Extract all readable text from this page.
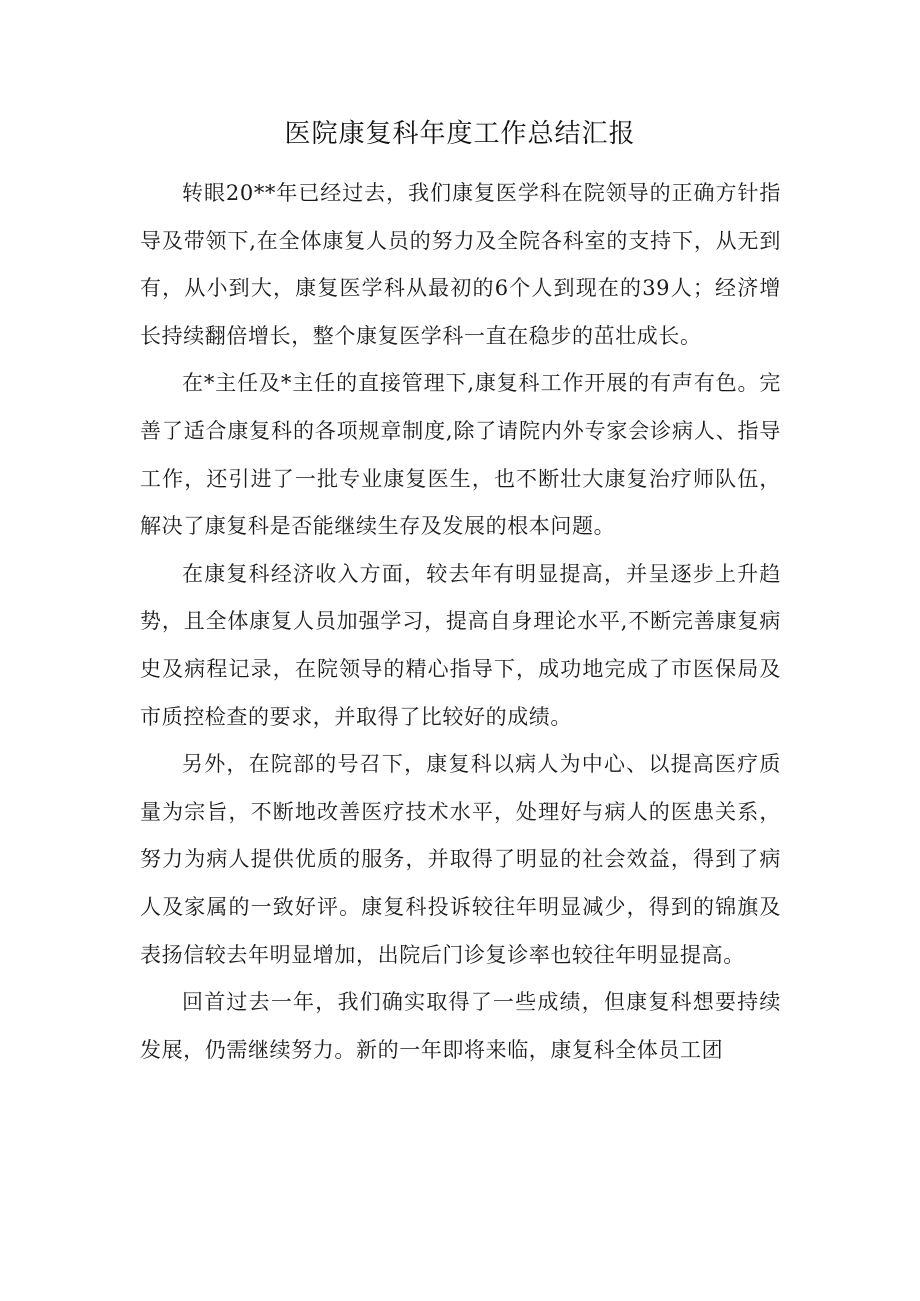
医院康复科年度工作总结汇报

转眼20**年已经过去，我们康复医学科在院领导的正确方针指导及带领下,在全体康复人员的努力及全院各科室的支持下，从无到有，从小到大，康复医学科从最初的6个人到现在的39人；经济增长持续翻倍增长，整个康复医学科一直在稳步的茁壮成长。

在*主任及*主任的直接管理下,康复科工作开展的有声有色。完善了适合康复科的各项规章制度,除了请院内外专家会诊病人、指导工作，还引进了一批专业康复医生，也不断壮大康复治疗师队伍，解决了康复科是否能继续生存及发展的根本问题。

在康复科经济收入方面，较去年有明显提高，并呈逐步上升趋势，且全体康复人员加强学习，提高自身理论水平,不断完善康复病史及病程记录，在院领导的精心指导下，成功地完成了市医保局及市质控检查的要求，并取得了比较好的成绩。

另外，在院部的号召下，康复科以病人为中心、以提高医疗质量为宗旨，不断地改善医疗技术水平，处理好与病人的医患关系，努力为病人提供优质的服务，并取得了明显的社会效益，得到了病人及家属的一致好评。康复科投诉较往年明显减少，得到的锦旗及表扬信较去年明显增加，出院后门诊复诊率也较往年明显提高。

回首过去一年，我们确实取得了一些成绩，但康复科想要持续发展，仍需继续努力。新的一年即将来临，康复科全体员工团
